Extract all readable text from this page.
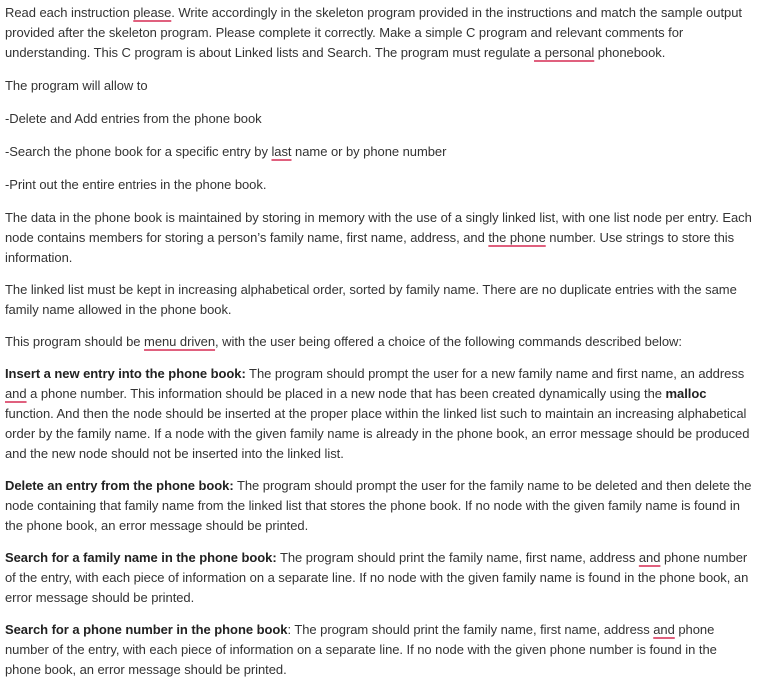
Read each instruction please. Write accordingly in the skeleton program provided in the instructions and match the sample output provided after the skeleton program. Please complete it correctly. Make a simple C program and relevant comments for understanding. This C program is about Linked lists and Search. The program must regulate a personal phonebook.

The program will allow to

-Delete and Add entries from the phone book

-Search the phone book for a specific entry by last name or by phone number

-Print out the entire entries in the phone book.

The data in the phone book is maintained by storing in memory with the use of a singly linked list, with one list node per entry. Each node contains members for storing a person’s family name, first name, address, and the phone number. Use strings to store this information.

The linked list must be kept in increasing alphabetical order, sorted by family name. There are no duplicate entries with the same family name allowed in the phone book.

This program should be menu driven, with the user being offered a choice of the following commands described below:

Insert a new entry into the phone book: The program should prompt the user for a new family name and first name, an address and a phone number. This information should be placed in a new node that has been created dynamically using the malloc function. And then the node should be inserted at the proper place within the linked list such to maintain an increasing alphabetical order by the family name. If a node with the given family name is already in the phone book, an error message should be produced and the new node should not be inserted into the linked list.

Delete an entry from the phone book: The program should prompt the user for the family name to be deleted and then delete the node containing that family name from the linked list that stores the phone book. If no node with the given family name is found in the phone book, an error message should be printed.

Search for a family name in the phone book: The program should print the family name, first name, address and phone number of the entry, with each piece of information on a separate line. If no node with the given family name is found in the phone book, an error message should be printed.

Search for a phone number in the phone book: The program should print the family name, first name, address and phone number of the entry, with each piece of information on a separate line. If no node with the given phone number is found in the phone book, an error message should be printed.
